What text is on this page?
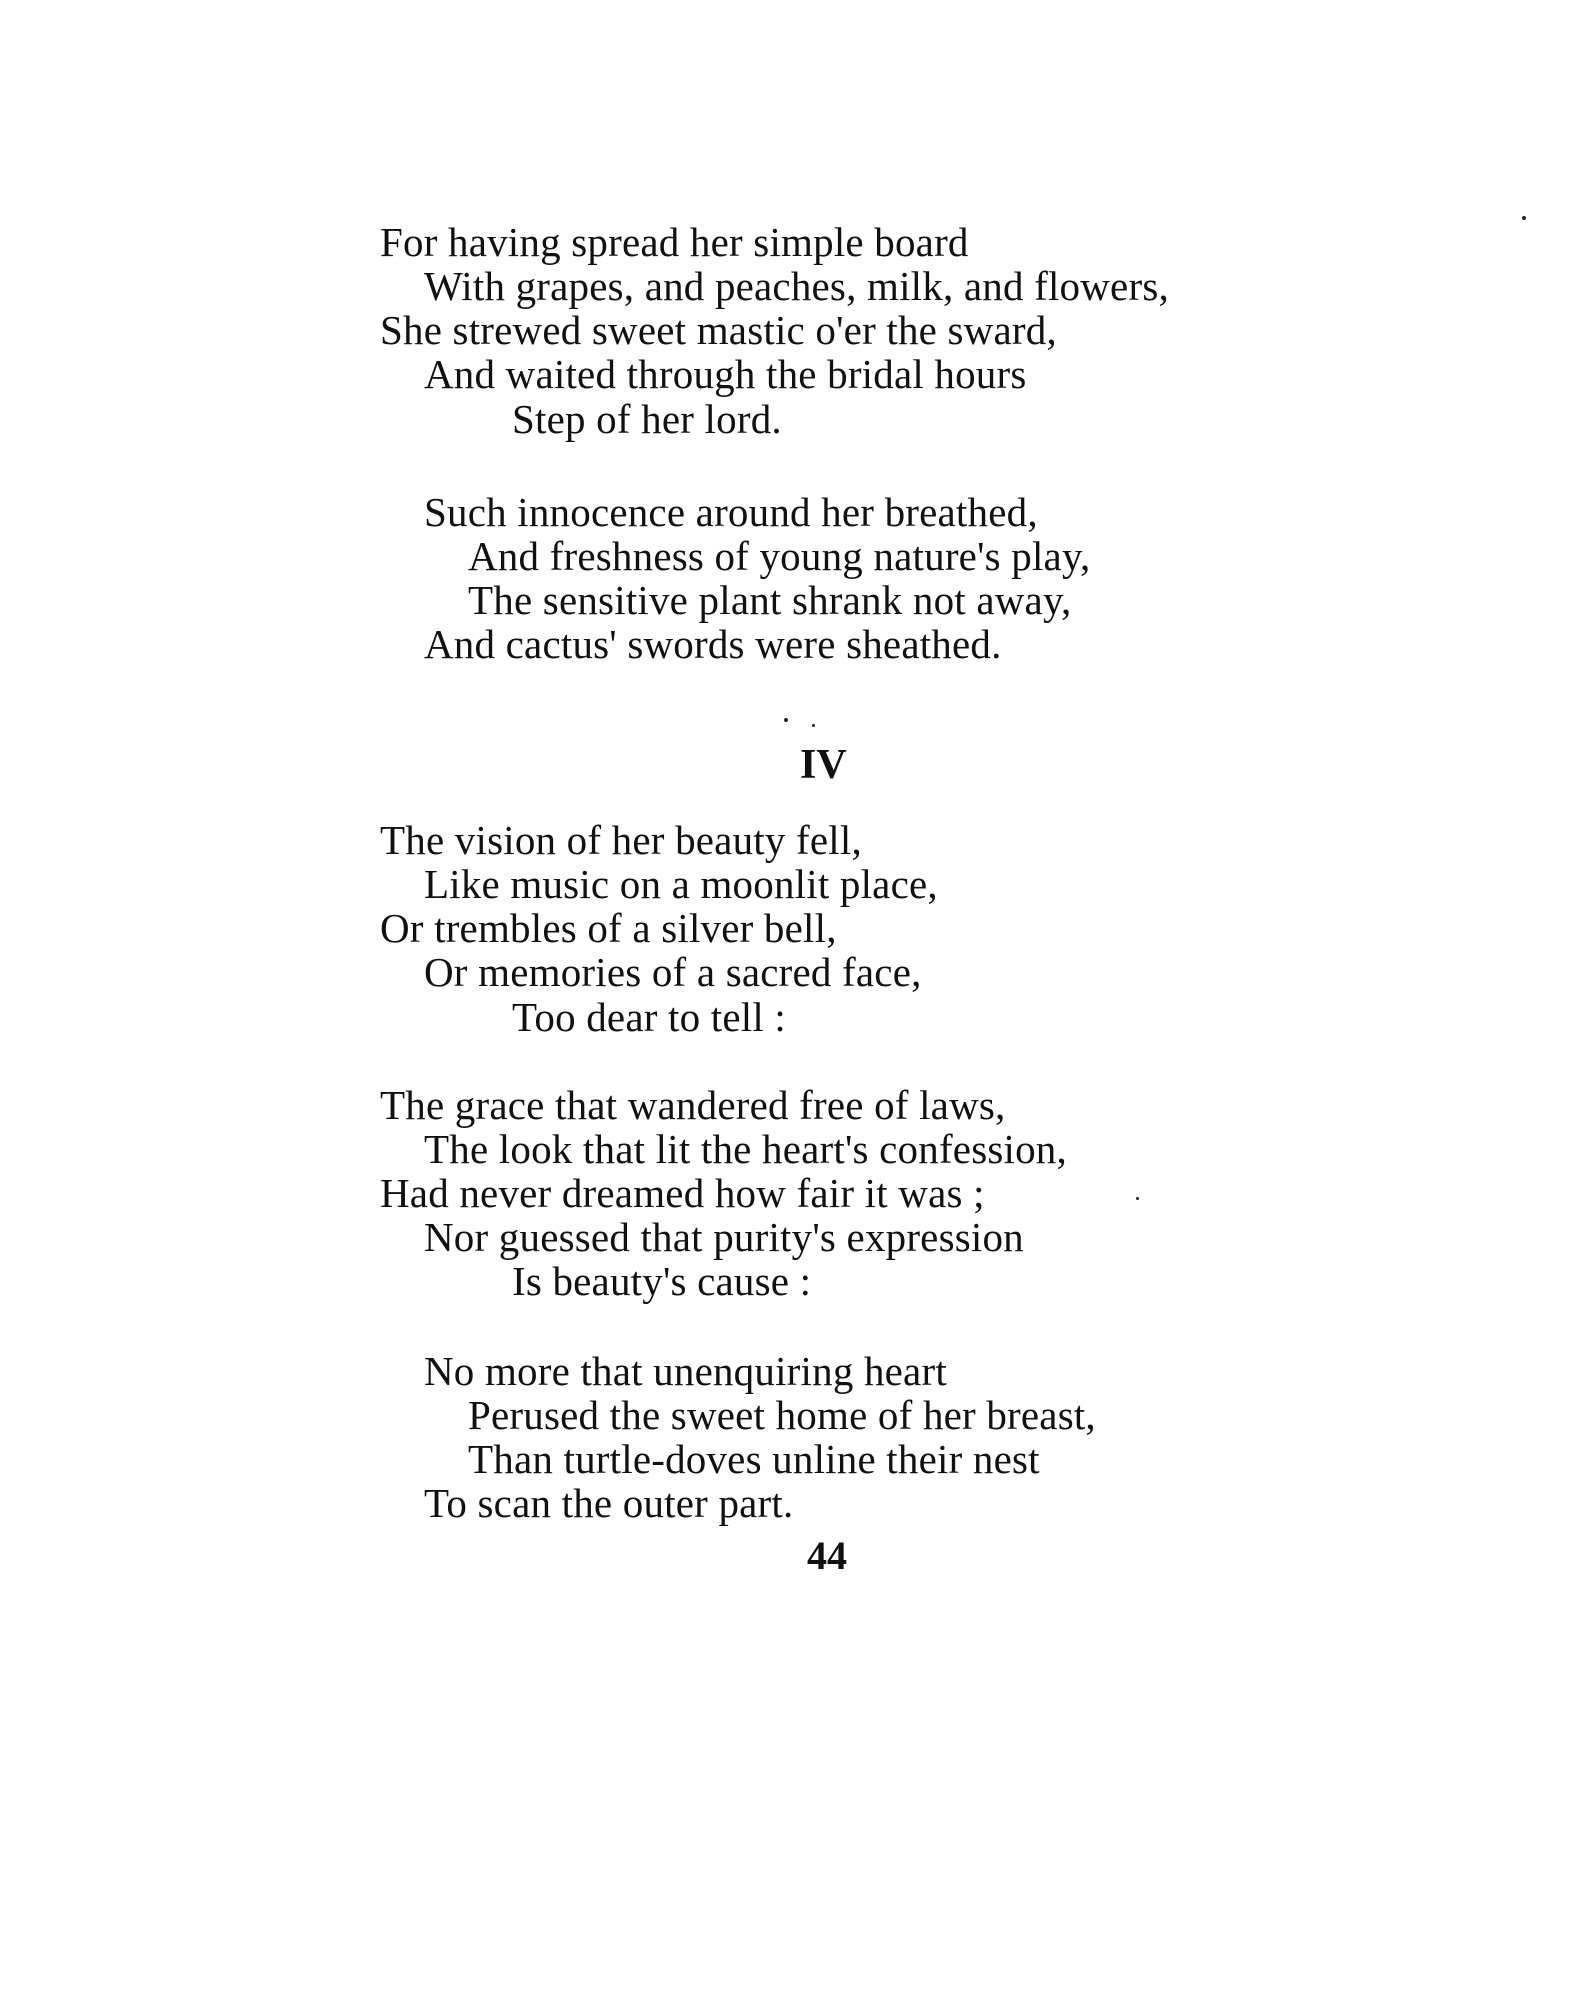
For having spread her simple board
With grapes, and peaches, milk, and flowers,
She strewed sweet mastic o'er the sward,
And waited through the bridal hours
Step of her lord.
Such innocence around her breathed,
And freshness of young nature's play,
The sensitive plant shrank not away,
And cactus' swords were sheathed.
IV
The vision of her beauty fell,
Like music on a moonlit place,
Or trembles of a silver bell,
Or memories of a sacred face,
Too dear to tell :
The grace that wandered free of laws,
The look that lit the heart's confession,
Had never dreamed how fair it was ;
Nor guessed that purity's expression
Is beauty's cause :
No more that unenquiring heart
Perused the sweet home of her breast,
Than turtle-doves unline their nest
To scan the outer part.
44
